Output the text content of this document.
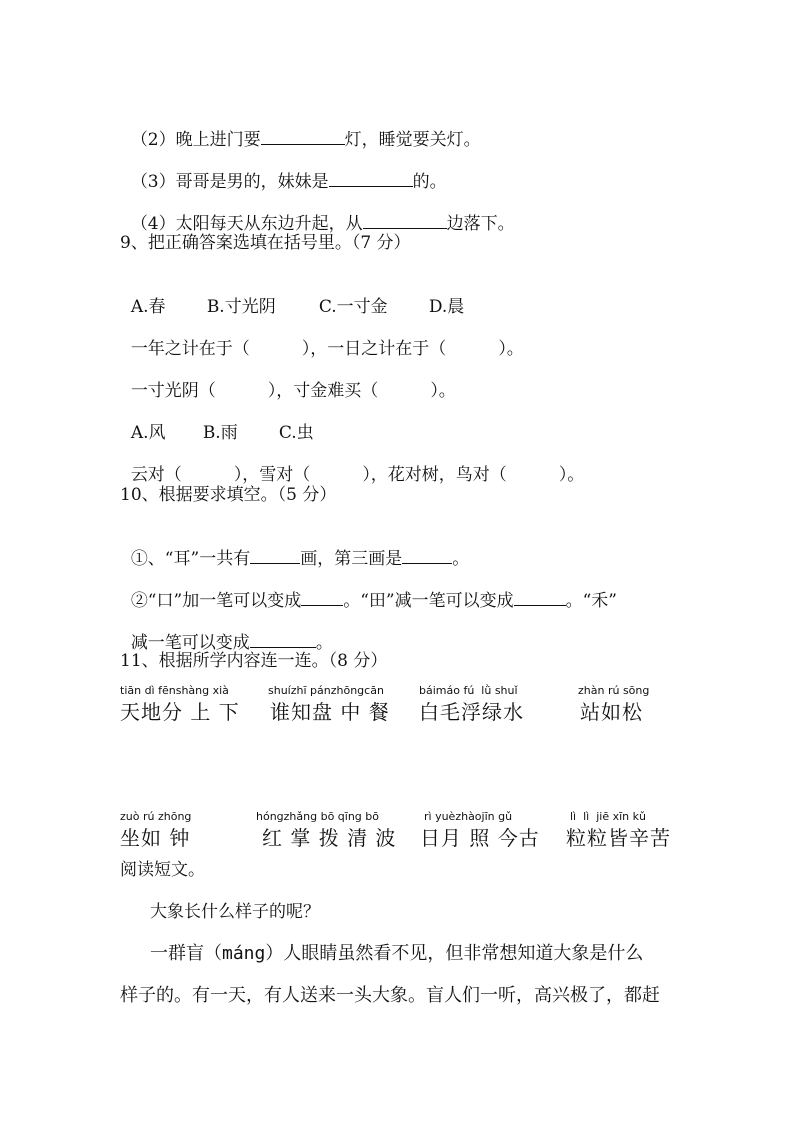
（2）晚上进门要	灯，睡觉要关灯。

（3）哥哥是男的，妹妹是	的。

（4）太阳每天从东边升起，从	边落下。

9、把正确答案选填在括号里。（7 分）

A.春 B.寸光阴	C.一寸金 D.晨

一年之计在于（	），一日之计在于（	）。

一寸光阴（	），寸金难买（	）。

A.风 B.雨 C.虫

云对（	），雪对（	），花对树，鸟对（	）。

10、根据要求填空。（5 分）

①、“耳”一共有	画，第三画是	。

②“口”加一笔可以变成 。“田”减一笔可以变成	。“禾”

减一笔可以变成	。

11、根据所学内容连一连。（8 分）
tiān dì fēnshàng xià
天地分 上 下
shuízhī pánzhōngcān
谁知盘 中 餐
báimáo fú  lǜ shuǐ
白毛浮绿水
zhàn rú sōng
站如松
zuò rú zhōng
坐如 钟
hóngzhǎng bō qīng bō
红 掌 拨 清 波
rì yuèzhàojīn gǔ
日月 照 今古
lì  lì  jiē xīn kǔ
粒粒皆辛苦
阅读短文。
大象长什么样子的呢？
一群盲（máng）人眼睛虽然看不见，但非常想知道大象是什么
样子的。有一天，有人送来一头大象。盲人们一听，高兴极了，都赶
